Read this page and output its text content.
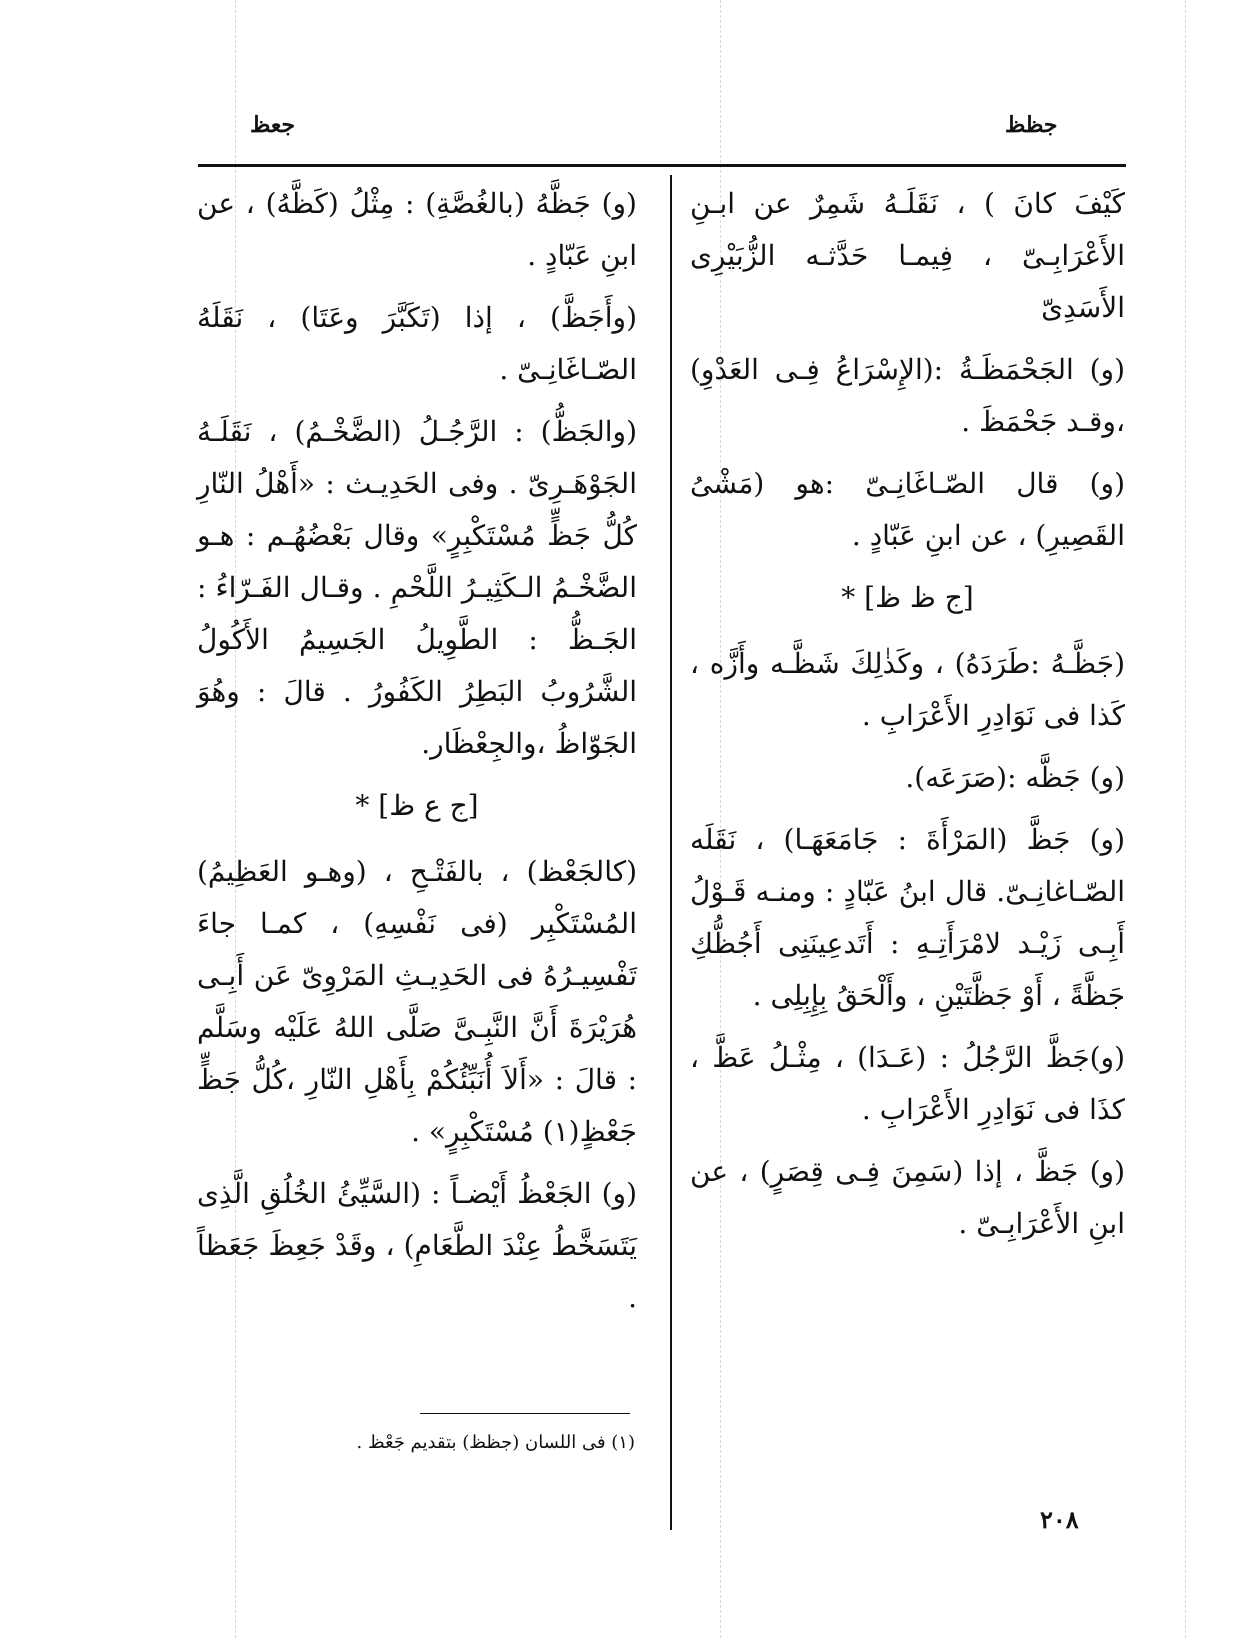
جظظ
جعظ

كَيْفَ كانَ ) ، نَقَلَـهُ شَمِرٌ عن ابـنِ الأَعْرَابِـىّ ، فِيمـا حَدَّثـه الزُّبَيْرِى الأَسَدِىّ

(و) الجَحْمَظَـةُ :(الإِسْرَاعُ فِـى العَدْوِ) ،وقـد جَحْمَظَ .

(و) قال الصّـاغَانِـىّ :هو (مَشْىُ القَصِيرِ) ، عن ابنِ عَبّادٍ .

[ج ظ ظ] *

(جَظَّـهُ :طَرَدَهُ) ، وكَذٰلِكَ شَظَّـه وأَزَّه ، كَذا فى نَوَادِرِ الأَعْرَابِ .

(و) جَظَّه :(صَرَعَه).

(و) جَظَّ (المَرْأَةَ : جَامَعَهَـا) ، نَقَلَه الصّـاغانِـىّ. قال ابنُ عَبّادٍ : ومنـه قَـوْلُ أَبِـى زَيْـد لامْرَأَتِـهِ : أَتَدعِينَنِى أَجُظُّكِ جَظَّةً ، أَوْ جَظَّتَيْنِ ، وأَلْحَقُ بِإِبِلِى .

(و)جَظَّ الرَّجُلُ : (عَـدَا) ، مِثْـلُ عَظَّ ، كذَا فى نَوَادِرِ الأَعْرَابِ .

(و) جَظَّ ، إذا (سَمِنَ فِـى قِصَرٍ) ، عن ابنِ الأَعْرَابِـىّ .

(و) جَظَّهُ (بالغُصَّةِ) : مِثْلُ (كَظَّهُ) ، عن ابنِ عَبّادٍ .

(وأَجَظَّ) ، إذا (تَكَبَّرَ وعَتَا) ، نَقَلَهُ الصّـاغَانِـىّ .

(والجَظُّ) : الرَّجُـلُ (الضَّخْـمُ) ، نَقَلَـهُ الجَوْهَـرِىّ . وفى الحَدِيـث : «أَهْلُ النّارِ كُلُّ جَظٍّ مُسْتَكْبِرٍ» وقال بَعْضُهُـم : هـو الضَّخْـمُ الـكَثِيـرُ اللَّحْمِ . وقـال الفَـرّاءُ : الجَـظُّ : الطَّوِيلُ الجَسِيمُ الأَكُولُ الشَّرُوبُ البَطِرُ الكَفُورُ . قالَ : وهُوَ الجَوّاظُ ،والجِعْظَار.

[ج ع ظ] *

(كالجَعْظ) ، بالفَتْـحِ ، (وهـو العَظِيمُ) المُسْتَكْبِر (فى نَفْسِهِ) ، كمـا جاءَ تَفْسِيـرُهُ فى الحَدِيـثِ المَرْوِىّ عَن أَبِـى هُرَيْرَةَ أَنَّ النَّبِـىَّ صَلَّى اللهُ عَلَيْه وسَلَّم : قالَ : «أَلاَ أُنَبِّئُكُمْ بِأَهْلِ النّارِ ،كُلُّ جَظٍّ جَعْظٍ(١) مُسْتَكْبِرٍ» .

(و) الجَعْظُ أَيْضـاً : (السَّيِّئُ الخُلُقِ الَّذِى يَتَسَخَّطُ عِنْدَ الطَّعَامِ) ، وقَدْ جَعِظَ جَعَظاً .

(١) فى اللسان (جظظ) بتقديم جَعْظ .
٢٠٨
